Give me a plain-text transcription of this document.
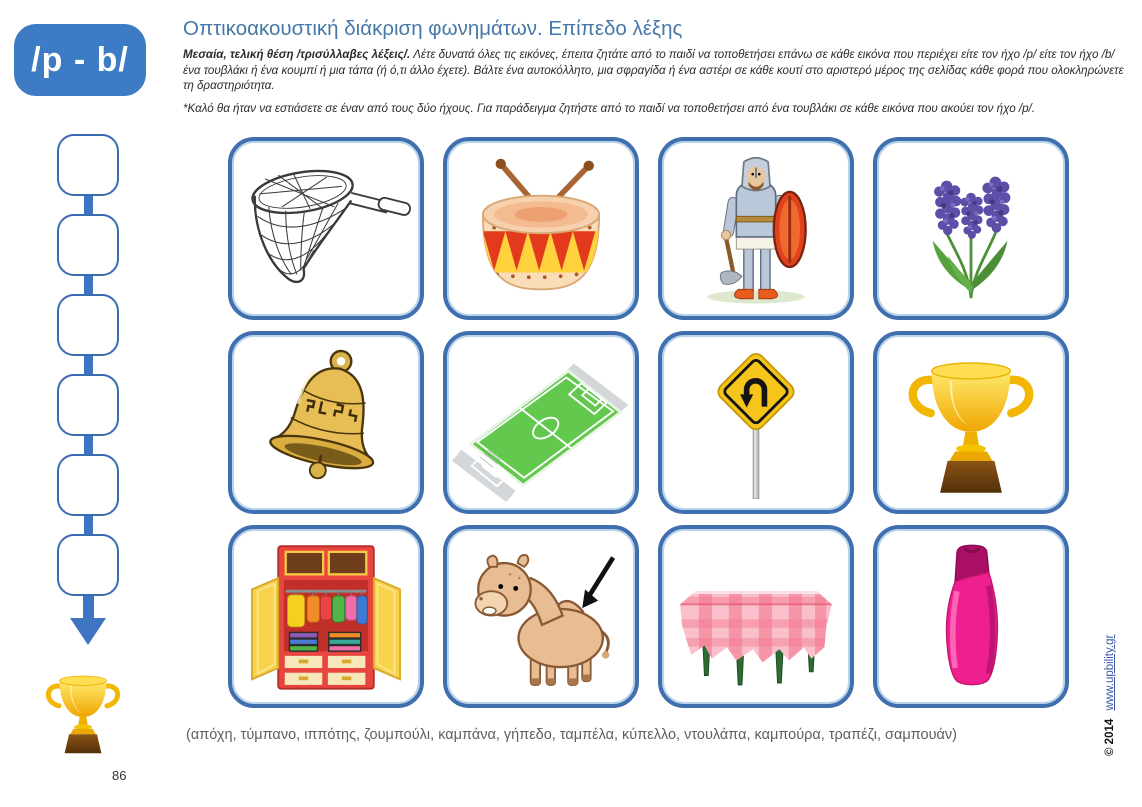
/p - b/
86
Οπτικοακουστική διάκριση φωνημάτων. Επίπεδο λέξης
Μεσαία, τελική θέση /τρισύλλαβες λέξεις/. Λέτε δυνατά όλες τις εικόνες, έπειτα ζητάτε από το παιδί να τοποθετήσει επάνω σε κάθε εικόνα που περιέχει είτε τον ήχο /p/ είτε τον ήχο /b/ ένα τουβλάκι ή ένα κουμπί ή μια τάπα (ή ό,τι άλλο έχετε). Βάλτε ένα αυτοκόλλητο, μια σφραγίδα ή ένα αστέρι σε κάθε κουτί στο αριστερό μέρος της σελίδας κάθε φορά που ολοκληρώνετε τη δραστηριότητα.
*Καλό θα ήταν να εστιάσετε σε έναν από τους δύο ήχους. Για παράδειγμα ζητήστε από το παιδί να τοποθετήσει από ένα τουβλάκι σε κάθε εικόνα που ακούει τον ήχο /p/.
(απόχη, τύμπανο, ιππότης, ζουμπούλι, καμπάνα, γήπεδο, ταμπέλα, κύπελλο, ντουλάπα, καμπούρα, τραπέζι, σαμπουάν)	© 2014 www.upbility.gr
